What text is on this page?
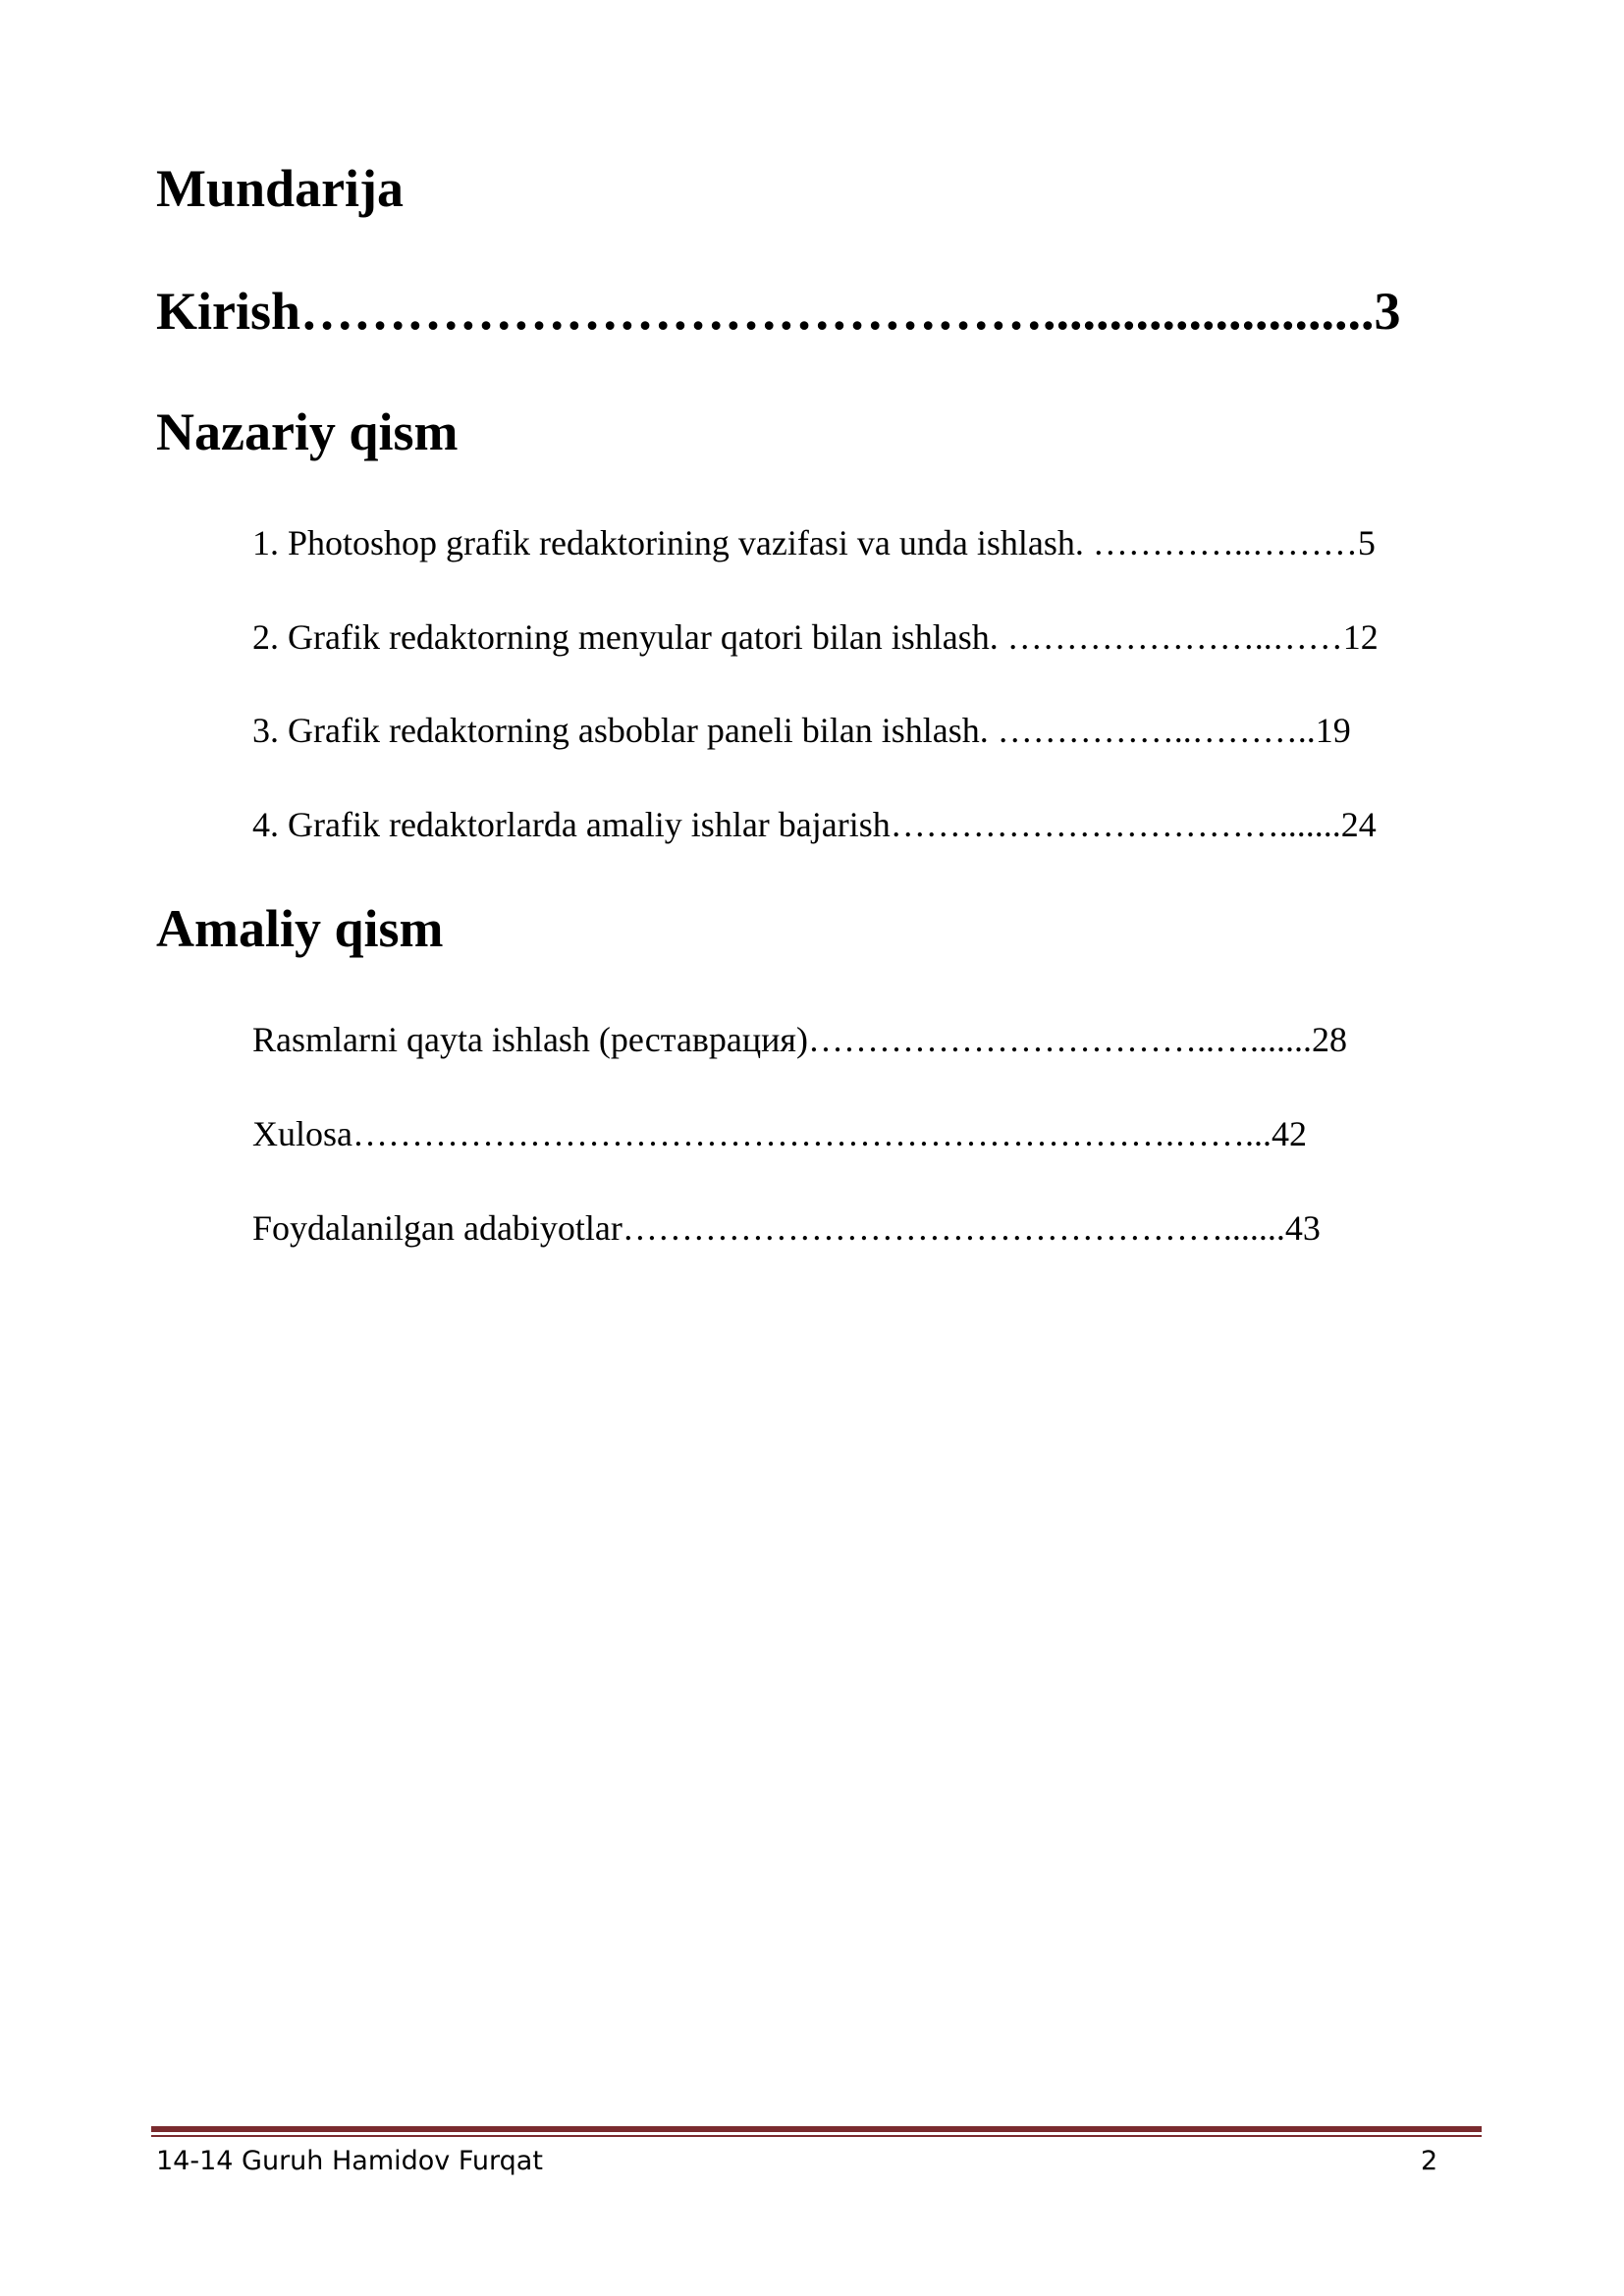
Mundarija
Kirish…………………………………….........................3
Nazariy qism
1. Photoshop grafik redaktorining vazifasi va unda ishlash. …………..………5
2. Grafik redaktorning menyular qatori bilan ishlash. …………………..……12
3. Grafik redaktorning asboblar paneli bilan ishlash. ……………..………..19
4. Grafik redaktorlarda amaliy ishlar bajarish…………………………….......24
Amaliy qism
Rasmlarni qayta ishlash (реставрация)……………………………..….......28
Xulosa…………………………………………………………….……...42
Foydalanilgan adabiyotlar…………………………………………….......43
14-14 Guruh Hamidov Furqat	2
